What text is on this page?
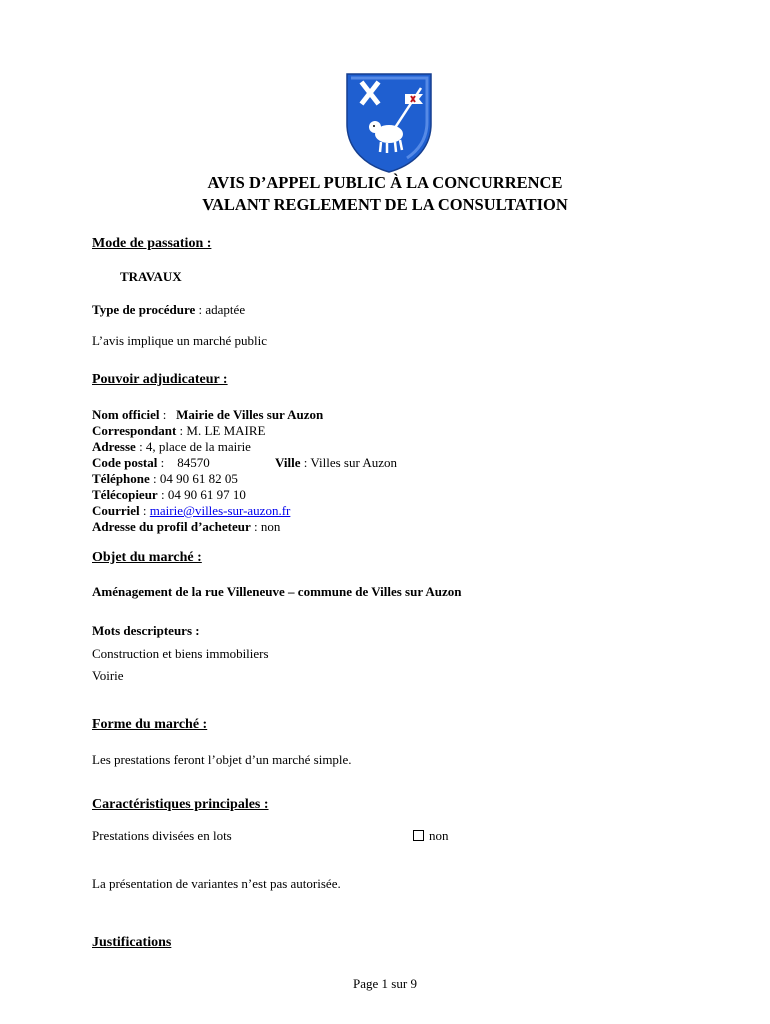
AVIS D’APPEL PUBLIC À LA CONCURRENCE
VALANT REGLEMENT DE LA CONSULTATION
Mode de passation :
TRAVAUX
Type de procédure : adaptée
L’avis implique un marché public
Pouvoir adjudicateur :
Nom officiel :   Mairie de Villes sur Auzon
Correspondant : M. LE MAIRE
Adresse : 4, place de la mairie
Code postal :    84570	Ville : Villes sur Auzon
Téléphone : 04 90 61 82 05
Télécopieur : 04 90 61 97 10
Courriel : mairie@villes-sur-auzon.fr
Adresse du profil d’acheteur : non
Objet du marché :
Aménagement de la rue Villeneuve – commune de Villes sur Auzon
Mots descripteurs :
Construction et biens immobiliers
Voirie
Forme du marché :
Les prestations feront l’objet d’un marché simple.
Caractéristiques principales :
Prestations divisées en lots	non
La présentation de variantes n’est pas autorisée.
Justifications
Page 1 sur 9
